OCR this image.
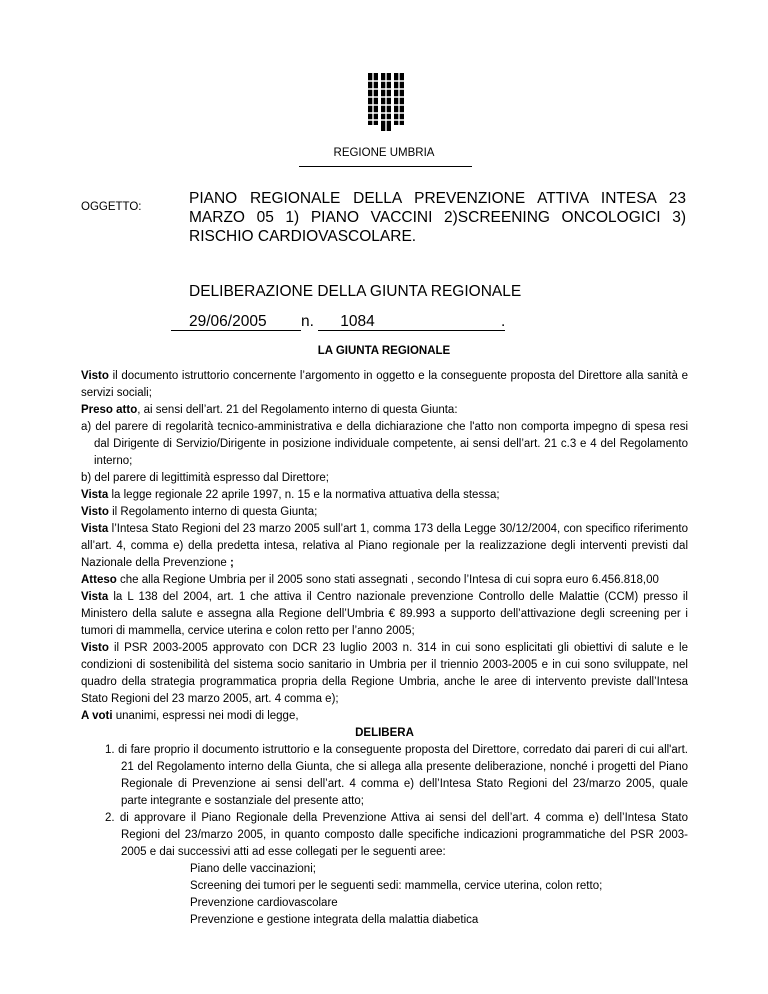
REGIONE UMBRIA
OGGETTO:	PIANO REGIONALE DELLA PREVENZIONE ATTIVA INTESA 23 MARZO 05 1) PIANO VACCINI 2)SCREENING ONCOLOGICI 3) RISCHIO CARDIOVASCOLARE.
DELIBERAZIONE DELLA GIUNTA REGIONALE
29/06/2005 n. 1084	.
LA GIUNTA REGIONALE

Visto il documento istruttorio concernente l’argomento in oggetto e la conseguente proposta del Direttore alla sanità e servizi sociali;

Preso atto, ai sensi dell’art. 21 del Regolamento interno di questa Giunta:

a) del parere di regolarità tecnico-amministrativa e della dichiarazione che l'atto non comporta impegno di spesa resi dal Dirigente di Servizio/Dirigente in posizione individuale competente, ai sensi dell’art. 21 c.3 e 4 del Regolamento interno;

b) del parere di legittimità espresso dal Direttore;

Vista la legge regionale 22 aprile 1997, n. 15 e la normativa attuativa della stessa;

Visto il Regolamento interno di questa Giunta;

Vista l’Intesa Stato Regioni del 23 marzo 2005 sull’art 1, comma 173 della Legge 30/12/2004, con specifico riferimento all’art. 4, comma e) della predetta intesa, relativa al Piano regionale per la realizzazione degli interventi previsti dal Nazionale della Prevenzione ;

Atteso che alla Regione Umbria per il 2005 sono stati assegnati , secondo l’Intesa di cui sopra euro 6.456.818,00

Vista la L 138 del 2004, art. 1 che attiva il Centro nazionale prevenzione Controllo delle Malattie (CCM) presso il Ministero della salute e assegna alla Regione dell’Umbria € 89.993 a supporto dell’attivazione degli screening per i tumori di mammella, cervice uterina e colon retto per l’anno 2005;

Visto il PSR 2003-2005 approvato con DCR 23 luglio 2003 n. 314 in cui sono esplicitati gli obiettivi di salute e le condizioni di sostenibilità del sistema socio sanitario in Umbria per il triennio 2003-2005 e in cui sono sviluppate, nel quadro della strategia programmatica propria della Regione Umbria, anche le aree di intervento previste dall’Intesa Stato Regioni del 23 marzo 2005, art. 4 comma e);

A voti unanimi, espressi nei modi di legge,

DELIBERA

1. di fare proprio il documento istruttorio e la conseguente proposta del Direttore, corredato dai pareri di cui all'art. 21 del Regolamento interno della Giunta, che si allega alla presente deliberazione, nonché i progetti del Piano Regionale di Prevenzione ai sensi dell’art. 4 comma e) dell’Intesa Stato Regioni del 23/marzo 2005, quale parte integrante e sostanziale del presente atto;

2. di approvare il Piano Regionale della Prevenzione Attiva ai sensi del dell’art. 4 comma e) dell’Intesa Stato Regioni del 23/marzo 2005, in quanto composto dalle specifiche indicazioni programmatiche del PSR 2003-2005 e dai successivi atti ad esse collegati per le seguenti aree:

Piano delle vaccinazioni;

Screening dei tumori per le seguenti sedi: mammella, cervice uterina, colon retto;

Prevenzione cardiovascolare

Prevenzione e gestione integrata della malattia diabetica
